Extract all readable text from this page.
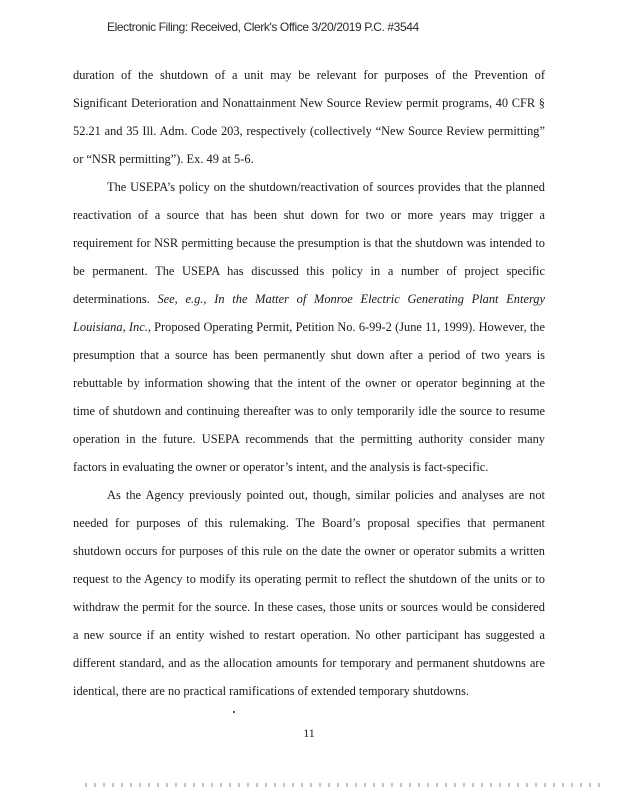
Electronic Filing: Received, Clerk's Office 3/20/2019 P.C. #3544

duration of the shutdown of a unit may be relevant for purposes of the Prevention of Significant Deterioration and Nonattainment New Source Review permit programs, 40 CFR § 52.21 and 35 Ill. Adm. Code 203, respectively (collectively “New Source Review permitting” or “NSR permitting”). Ex. 49 at 5-6.

The USEPA’s policy on the shutdown/reactivation of sources provides that the planned reactivation of a source that has been shut down for two or more years may trigger a requirement for NSR permitting because the presumption is that the shutdown was intended to be permanent. The USEPA has discussed this policy in a number of project specific determinations. See, e.g., In the Matter of Monroe Electric Generating Plant Entergy Louisiana, Inc., Proposed Operating Permit, Petition No. 6-99-2 (June 11, 1999). However, the presumption that a source has been permanently shut down after a period of two years is rebuttable by information showing that the intent of the owner or operator beginning at the time of shutdown and continuing thereafter was to only temporarily idle the source to resume operation in the future. USEPA recommends that the permitting authority consider many factors in evaluating the owner or operator’s intent, and the analysis is fact-specific.

As the Agency previously pointed out, though, similar policies and analyses are not needed for purposes of this rulemaking. The Board’s proposal specifies that permanent shutdown occurs for purposes of this rule on the date the owner or operator submits a written request to the Agency to modify its operating permit to reflect the shutdown of the units or to withdraw the permit for the source. In these cases, those units or sources would be considered a new source if an entity wished to restart operation. No other participant has suggested a different standard, and as the allocation amounts for temporary and permanent shutdowns are identical, there are no practical ramifications of extended temporary shutdowns.

11
